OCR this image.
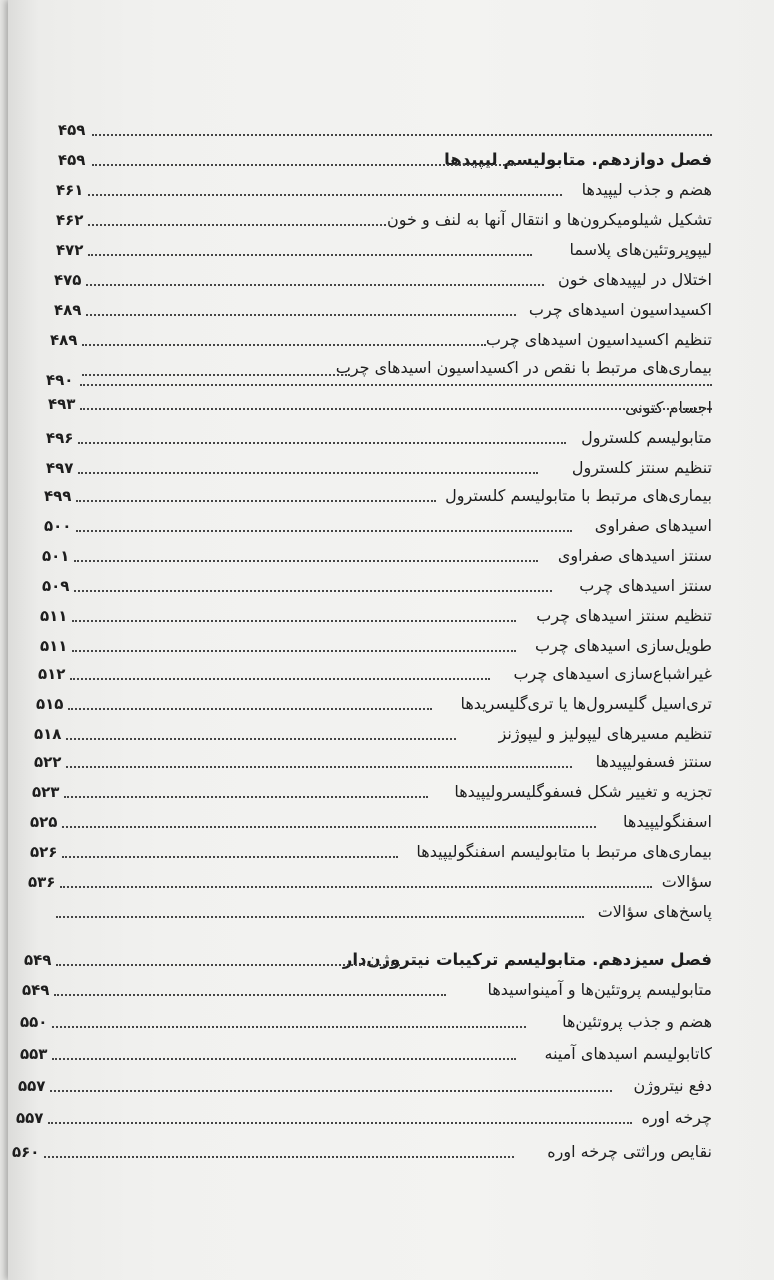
۴۵۹
فصل دوازدهم. متابولیسم لیپیدها
۴۵۹
هضم و جذب لیپیدها
۴۶۱
تشکیل شیلومیکرون‌ها و انتقال آنها به لنف و خون
۴۶۲
لیپوپروتئین‌های پلاسما
۴۷۲
اختلال در لیپیدهای خون
۴۷۵
اکسیداسیون اسیدهای چرب
۴۸۹
تنظیم اکسیداسیون اسیدهای چرب
۴۸۹
بیماری‌های مرتبط با نقص در اکسیداسیون اسیدهای چرب
۴۹۰
اجسام کتونی
۴۹۳
متابولیسم کلسترول
۴۹۶
تنظیم سنتز کلسترول
۴۹۷
بیماری‌های مرتبط با متابولیسم کلسترول
۴۹۹
اسیدهای صفراوی
۵۰۰
سنتز اسیدهای صفراوی
۵۰۱
سنتز اسیدهای چرب
۵۰۹
تنظیم سنتز اسیدهای چرب
۵۱۱
طویل‌سازی اسیدهای چرب
۵۱۱
غیراشباع‌سازی اسیدهای چرب
۵۱۲
تری‌اسیل گلیسرول‌ها یا تری‌گلیسریدها
۵۱۵
تنظیم مسیرهای لیپولیز و لیپوژنز
۵۱۸
سنتز فسفولیپیدها
۵۲۲
تجزیه و تغییر شکل فسفوگلیسرولیپیدها
۵۲۳
اسفنگولیپیدها
۵۲۵
بیماری‌های مرتبط با متابولیسم اسفنگولیپیدها
۵۲۶
سؤالات
۵۳۶
پاسخ‌های سؤالات
فصل سیزدهم. متابولیسم ترکیبات نیتروژن‌دار
۵۴۹
متابولیسم پروتئین‌ها و آمینواسیدها
۵۴۹
هضم و جذب پروتئین‌ها
۵۵۰
کاتابولیسم اسیدهای آمینه
۵۵۳
دفع نیتروژن
۵۵۷
چرخه اوره
۵۵۷
نقایص وراثتی چرخه اوره
۵۶۰
